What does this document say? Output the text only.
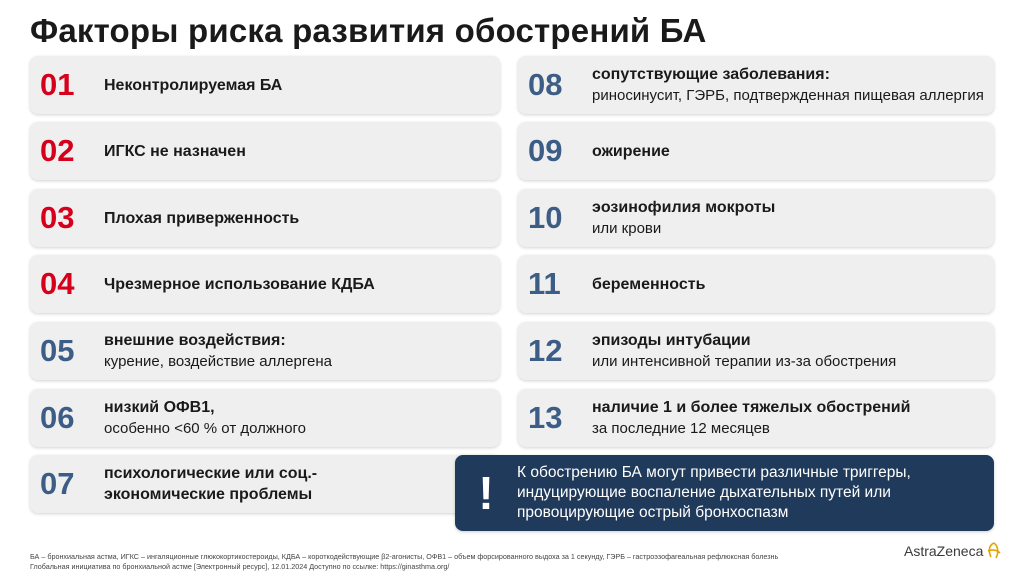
Факторы риска развития обострений БА
01	Неконтролируемая БА
02	ИГКС не назначен
03	Плохая приверженность
04	Чрезмерное использование КДБА
05	внешние воздействия:
курение, воздействие аллергена
06	низкий ОФВ1,
особенно <60 % от должного
07	психологические или соц.-
экономические проблемы
08	сопутствующие заболевания:
риносинусит, ГЭРБ, подтвержденная пищевая аллергия
09	ожирение
10	эозинофилия мокроты
или крови
11	беременность
12	эпизоды интубации
или интенсивной терапии из-за обострения
13	наличие 1 и более тяжелых обострений
за последние 12 месяцев
!	К обострению БА могут привести различные триггеры, индуцирующие воспаление дыхательных путей или провоцирующие острый бронхоспазм
БА – бронхиальная астма, ИГКС – ингаляционные глюкокортикостероиды, КДБА – короткодействующие β2-агонисты, ОФВ1 – объем форсированного выдоха за 1 секунду, ГЭРБ – гастроэзофагеальная рефлюксная болезнь
Глобальная инициатива по бронхиальной астме [Электронный ресурс], 12.01.2024 Доступно по ссылке: https://ginasthma.org/
AstraZeneca
